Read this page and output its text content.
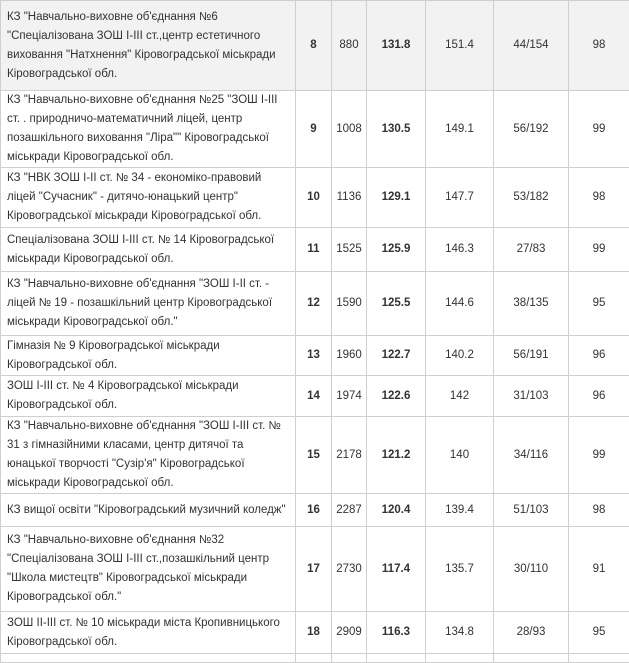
КЗ "Навчально-виховне об'єднання №6 "Спеціалізована ЗОШ І-ІІІ ст.,центр естетичного виховання "Натхнення" Кіровоградської міськради Кіровоградської обл.	8	880	131.8	151.4	44/154	98
КЗ "Навчально-виховне об'єднання №25 "ЗОШ І-ІІІ ст. . природничо-математичний ліцей, центр позашкільного виховання "Ліра"" Кіровоградської міськради Кіровоградської обл.	9	1008	130.5	149.1	56/192	99
КЗ "НВК ЗОШ І-ІІ ст. № 34 - економіко-правовий ліцей "Сучасник" - дитячо-юнацький центр" Кіровоградської міськради Кіровоградської обл.	10	1136	129.1	147.7	53/182	98
Спеціалізована ЗОШ І-ІІІ ст. № 14 Кіровоградської міськради Кіровоградської обл.	11	1525	125.9	146.3	27/83	99
КЗ "Навчально-виховне об'єднання "ЗОШ І-ІІ ст. - ліцей № 19 - позашкільний центр Кіровоградської міськради Кіровоградської обл."	12	1590	125.5	144.6	38/135	95
Гімназія № 9 Кіровоградської міськради Кіровоградської обл.	13	1960	122.7	140.2	56/191	96
ЗОШ І-ІІІ ст. № 4 Кіровоградської міськради Кіровоградської обл.	14	1974	122.6	142	31/103	96
КЗ "Навчально-виховне об'єднання "ЗОШ І-ІІІ ст. № 31 з гімназійними класами, центр дитячої та юнацької творчості "Сузір'я" Кіровоградської міськради Кіровоградської обл.	15	2178	121.2	140	34/116	99
КЗ вищої освіти "Кіровоградський музичний коледж"	16	2287	120.4	139.4	51/103	98
КЗ "Навчально-виховне об'єднання №32 "Спеціалізована ЗОШ І-ІІІ ст.,позашкільний центр "Школа мистецтв" Кіровоградської міськради Кіровоградської обл."	17	2730	117.4	135.7	30/110	91
ЗОШ ІІ-ІІІ ст. № 10 міськради міста Кропивницького Кіровоградської обл.	18	2909	116.3	134.8	28/93	95
